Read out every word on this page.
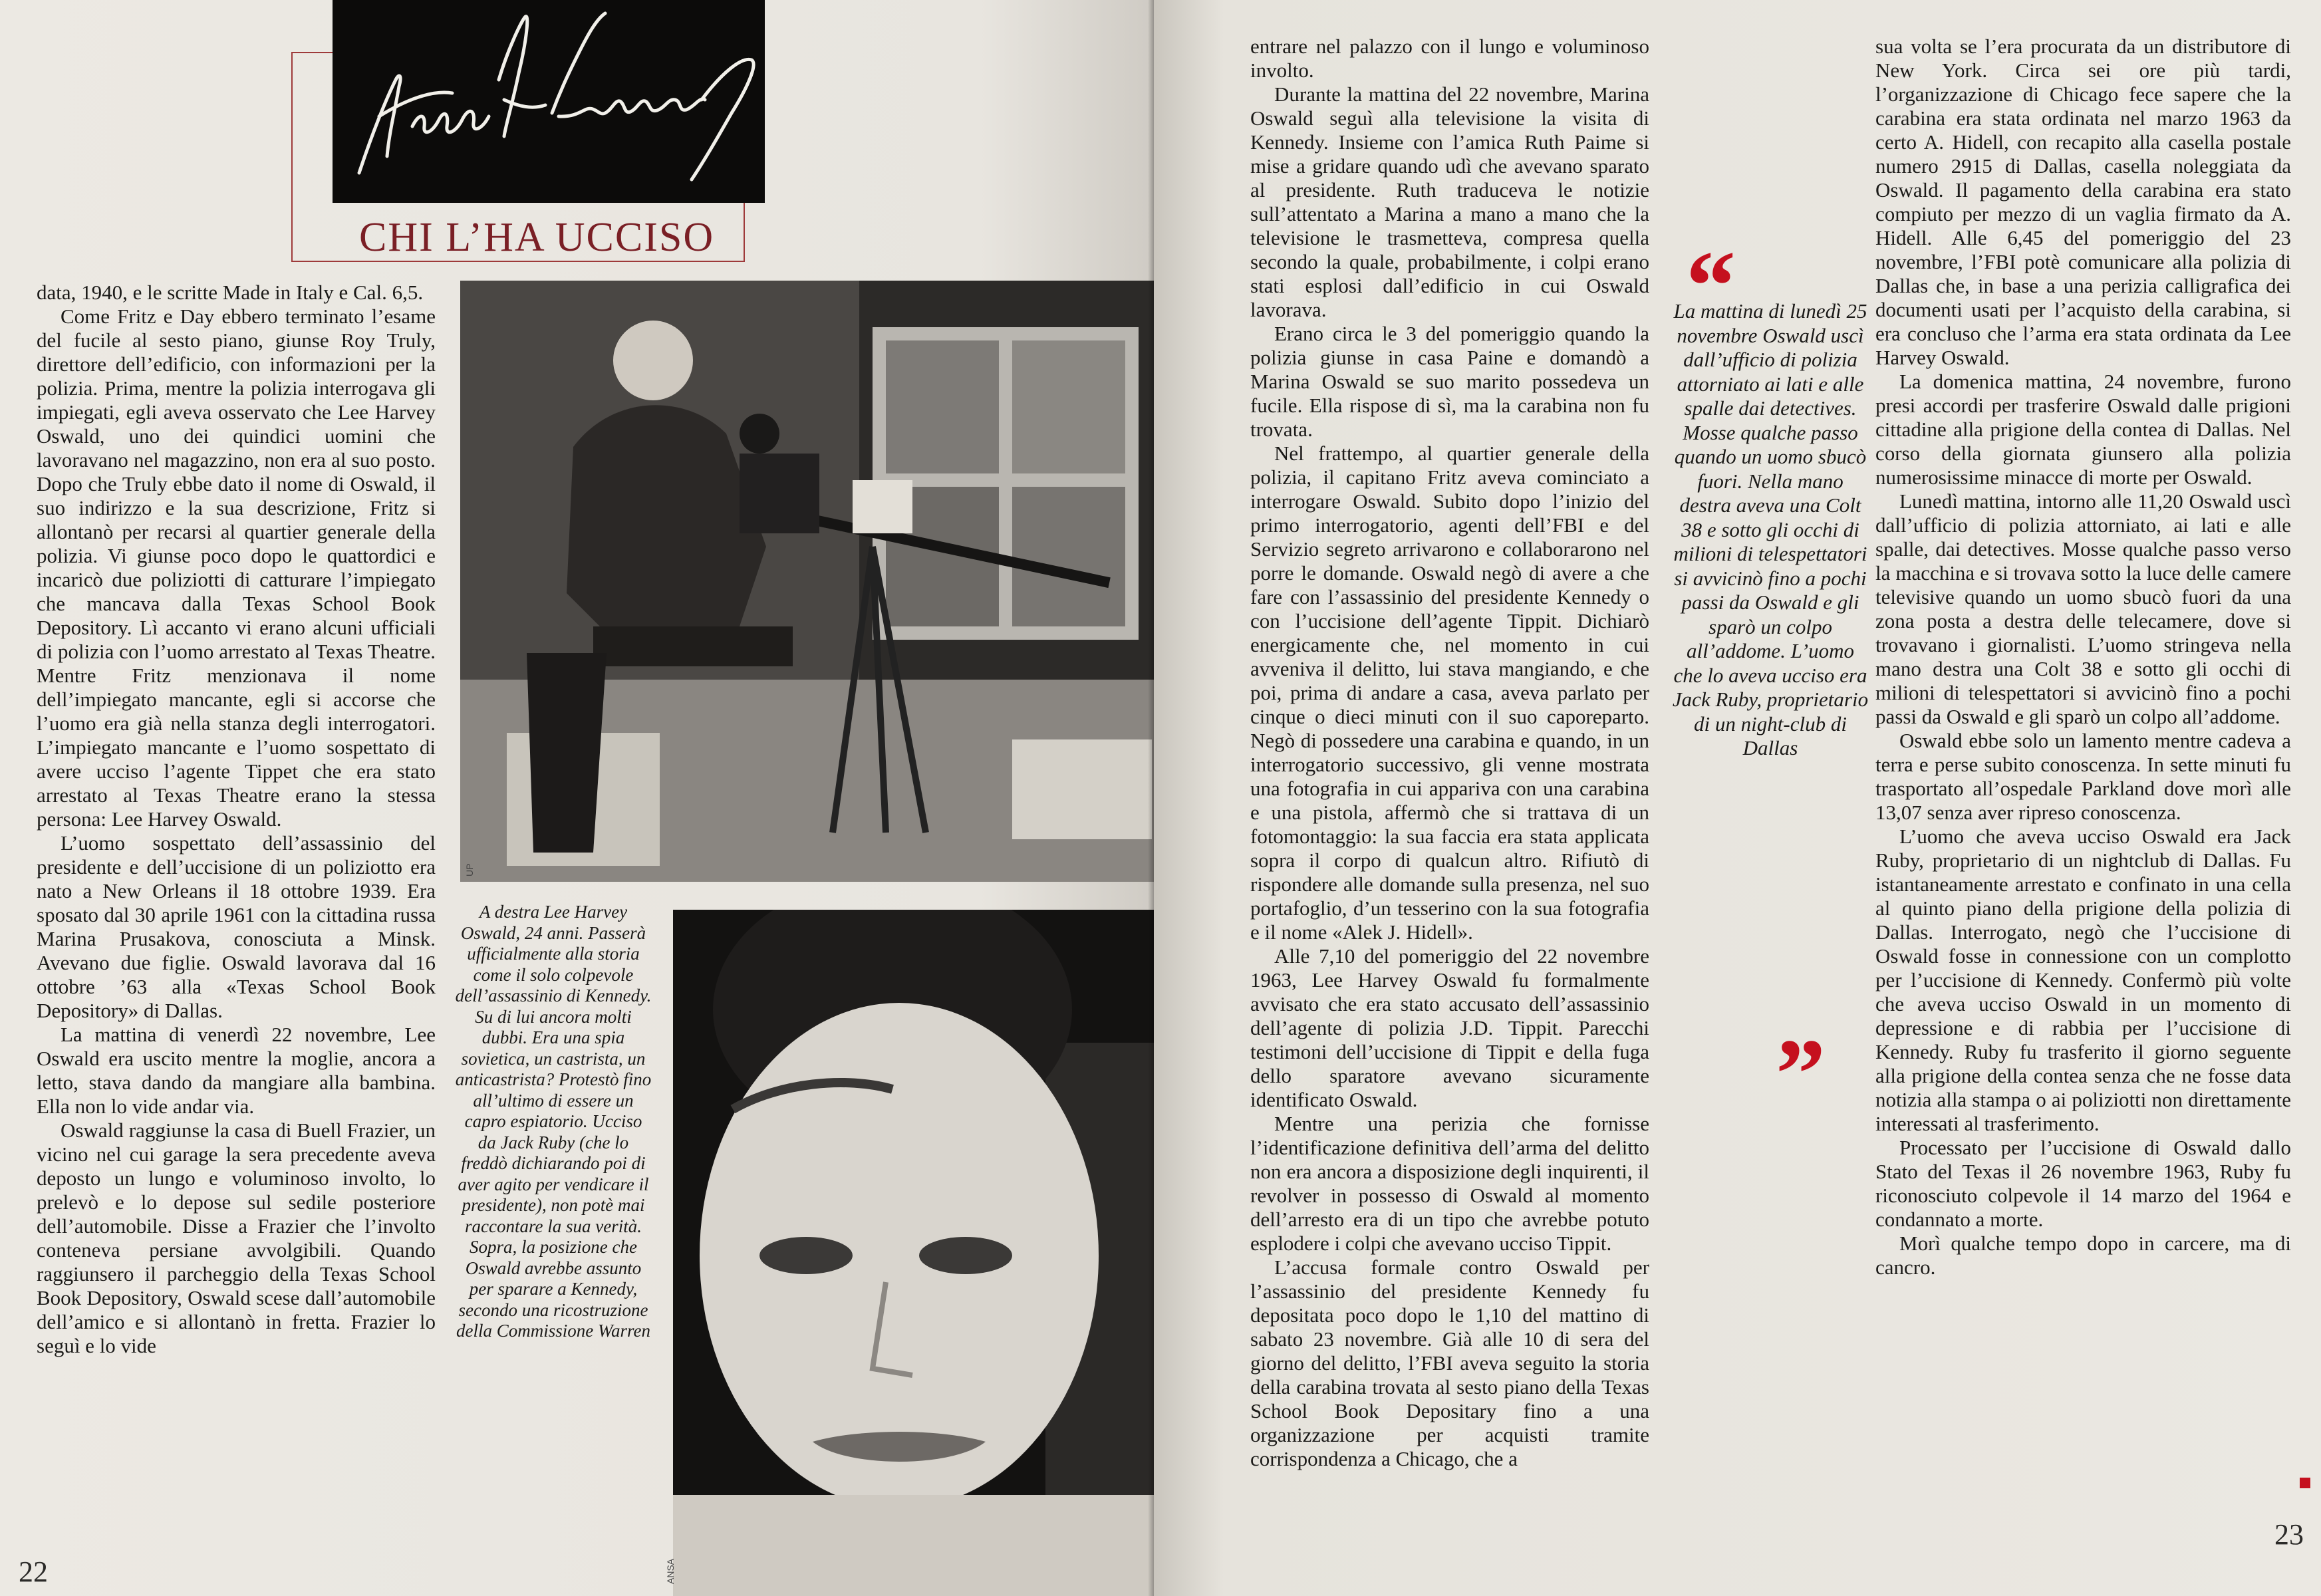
CHI L’HA UCCISO

data, 1940, e le scritte Made in Italy e Cal. 6,5.

Come Fritz e Day ebbero terminato l’esame del fucile al sesto piano, giunse Roy Truly, direttore dell’edificio, con informazioni per la polizia. Prima, mentre la polizia interrogava gli impiegati, egli aveva osservato che Lee Harvey Oswald, uno dei quindici uomini che lavoravano nel magazzino, non era al suo posto. Dopo che Truly ebbe dato il nome di Oswald, il suo indirizzo e la sua descrizione, Fritz si allontanò per recarsi al quartier generale della polizia. Vi giunse poco dopo le quattordici e incaricò due poliziotti di catturare l’impiegato che mancava dalla Texas School Book Depository. Lì accanto vi erano alcuni ufficiali di polizia con l’uomo arrestato al Texas Theatre. Mentre Fritz menzionava il nome dell’impiegato mancante, egli si accorse che l’uomo era già nella stanza degli interrogatori. L’impiegato mancante e l’uomo sospettato di avere ucciso l’agente Tippet che era stato arrestato al Texas Theatre erano la stessa persona: Lee Harvey Oswald.

L’uomo sospettato dell’assassinio del presidente e dell’uccisione di un poliziotto era nato a New Orleans il 18 ottobre 1939. Era sposato dal 30 aprile 1961 con la cittadina russa Marina Prusakova, conosciuta a Minsk. Avevano due figlie. Oswald lavorava dal 16 ottobre ’63 alla «Texas School Book Depository» di Dallas.

La mattina di venerdì 22 novembre, Lee Oswald era uscito mentre la moglie, ancora a letto, stava dando da mangiare alla bambina. Ella non lo vide andar via.

Oswald raggiunse la casa di Buell Frazier, un vicino nel cui garage la sera precedente aveva deposto un lungo e voluminoso involto, lo prelevò e lo depose sul sedile posteriore dell’automobile. Disse a Frazier che l’involto conteneva persiane avvolgibili. Quando raggiunsero il parcheggio della Texas School Book Depository, Oswald scese dall’automobile dell’amico e si allontanò in fretta. Frazier lo seguì e lo vide

UP
A destra Lee Harvey Oswald, 24 anni. Passerà ufficialmente alla storia come il solo colpevole dell’assassinio di Kennedy. Su di lui ancora molti dubbi. Era una spia sovietica, un castrista, un anticastrista? Protestò fino all’ultimo di essere un capro espiatorio. Ucciso da Jack Ruby (che lo freddò dichiarando poi di aver agito per vendicare il presidente), non potè mai raccontare la sua verità. Sopra, la posizione che Oswald avrebbe assunto per sparare a Kennedy, secondo una ricostruzione della Commissione Warren
ANSA
22

entrare nel palazzo con il lungo e voluminoso involto.

Durante la mattina del 22 novembre, Marina Oswald seguì alla televisione la visita di Kennedy. Insieme con l’amica Ruth Paime si mise a gridare quando udì che avevano sparato al presidente. Ruth traduceva le notizie sull’attentato a Marina a mano a mano che la televisione le trasmetteva, compresa quella secondo la quale, probabilmente, i colpi erano stati esplosi dall’edificio in cui Oswald lavorava.

Erano circa le 3 del pomeriggio quando la polizia giunse in casa Paine e domandò a Marina Oswald se suo marito possedeva un fucile. Ella rispose di sì, ma la carabina non fu trovata.

Nel frattempo, al quartier generale della polizia, il capitano Fritz aveva cominciato a interrogare Oswald. Subito dopo l’inizio del primo interrogatorio, agenti dell’FBI e del Servizio segreto arrivarono e collaborarono nel porre le domande. Oswald negò di avere a che fare con l’assassinio del presidente Kennedy o con l’uccisione dell’agente Tippit. Dichiarò energicamente che, nel momento in cui avveniva il delitto, lui stava mangiando, e che poi, prima di andare a casa, aveva parlato per cinque o dieci minuti con il suo caporeparto. Negò di possedere una carabina e quando, in un interrogatorio successivo, gli venne mostrata una fotografia in cui appariva con una carabina e una pistola, affermò che si trattava di un fotomontaggio: la sua faccia era stata applicata sopra il corpo di qualcun altro. Rifiutò di rispondere alle domande sulla presenza, nel suo portafoglio, d’un tesserino con la sua fotografia e il nome «Alek J. Hidell».

Alle 7,10 del pomeriggio del 22 novembre 1963, Lee Harvey Oswald fu formalmente avvisato che era stato accusato dell’assassinio dell’agente di polizia J.D. Tippit. Parecchi testimoni dell’uccisione di Tippit e della fuga dello sparatore avevano sicuramente identificato Oswald.

Mentre una perizia che fornisse l’identificazione definitiva dell’arma del delitto non era ancora a disposizione degli inquirenti, il revolver in possesso di Oswald al momento dell’arresto era di un tipo che avrebbe potuto esplodere i colpi che avevano ucciso Tippit.

L’accusa formale contro Oswald per l’assassinio del presidente Kennedy fu depositata poco dopo le 1,10 del mattino di sabato 23 novembre. Già alle 10 di sera del giorno del delitto, l’FBI aveva seguito la storia della carabina trovata al sesto piano della Texas School Book Depositary fino a una organizzazione per acquisti tramite corrispondenza a Chicago, che a

sua volta se l’era procurata da un distributore di New York. Circa sei ore più tardi, l’organizzazione di Chicago fece sapere che la carabina era stata ordinata nel marzo 1963 da certo A. Hidell, con recapito alla casella postale numero 2915 di Dallas, casella noleggiata da Oswald. Il pagamento della carabina era stato compiuto per mezzo di un vaglia firmato da A. Hidell. Alle 6,45 del pomeriggio del 23 novembre, l’FBI potè comunicare alla polizia di Dallas che, in base a una perizia calligrafica dei documenti usati per l’acquisto della carabina, si era concluso che l’arma era stata ordinata da Lee Harvey Oswald.

La domenica mattina, 24 novembre, furono presi accordi per trasferire Oswald dalle prigioni cittadine alla prigione della contea di Dallas. Nel corso della giornata giunsero alla polizia numerosissime minacce di morte per Oswald.

Lunedì mattina, intorno alle 11,20 Oswald uscì dall’ufficio di polizia attorniato, ai lati e alle spalle, dai detectives. Mosse qualche passo verso la macchina e si trovava sotto la luce delle camere televisive quando un uomo sbucò fuori da una zona posta a destra delle telecamere, dove si trovavano i giornalisti. L’uomo stringeva nella mano destra una Colt 38 e sotto gli occhi di milioni di telespettatori si avvicinò fino a pochi passi da Oswald e gli sparò un colpo all’addome.

Oswald ebbe solo un lamento mentre cadeva a terra e perse subito conoscenza. In sette minuti fu trasportato all’ospedale Parkland dove morì alle 13,07 senza aver ripreso conoscenza.

L’uomo che aveva ucciso Oswald era Jack Ruby, proprietario di un nightclub di Dallas. Fu istantaneamente arrestato e confinato in una cella al quinto piano della prigione della polizia di Dallas. Interrogato, negò che l’uccisione di Oswald fosse in connessione con un complotto per l’uccisione di Kennedy. Confermò più volte che aveva ucciso Oswald in un momento di depressione e di rabbia per l’uccisione di Kennedy. Ruby fu trasferito il giorno seguente alla prigione della contea senza che ne fosse data notizia alla stampa o ai poliziotti non direttamente interessati al trasferimento.

Processato per l’uccisione di Oswald dallo Stato del Texas il 26 novembre 1963, Ruby fu riconosciuto colpevole il 14 marzo del 1964 e condannato a morte.

Morì qualche tempo dopo in carcere, ma di cancro.

23
“
La mattina di lunedì 25 novembre Oswald uscì dall’ufficio di polizia attorniato ai lati e alle spalle dai detectives. Mosse qualche passo quando un uomo sbucò fuori. Nella mano destra aveva una Colt 38 e sotto gli occhi di milioni di telespettatori si avvicinò fino a pochi passi da Oswald e gli sparò un colpo all’addome. L’uomo che lo aveva ucciso era Jack Ruby, proprietario di un night-club di Dallas
”
